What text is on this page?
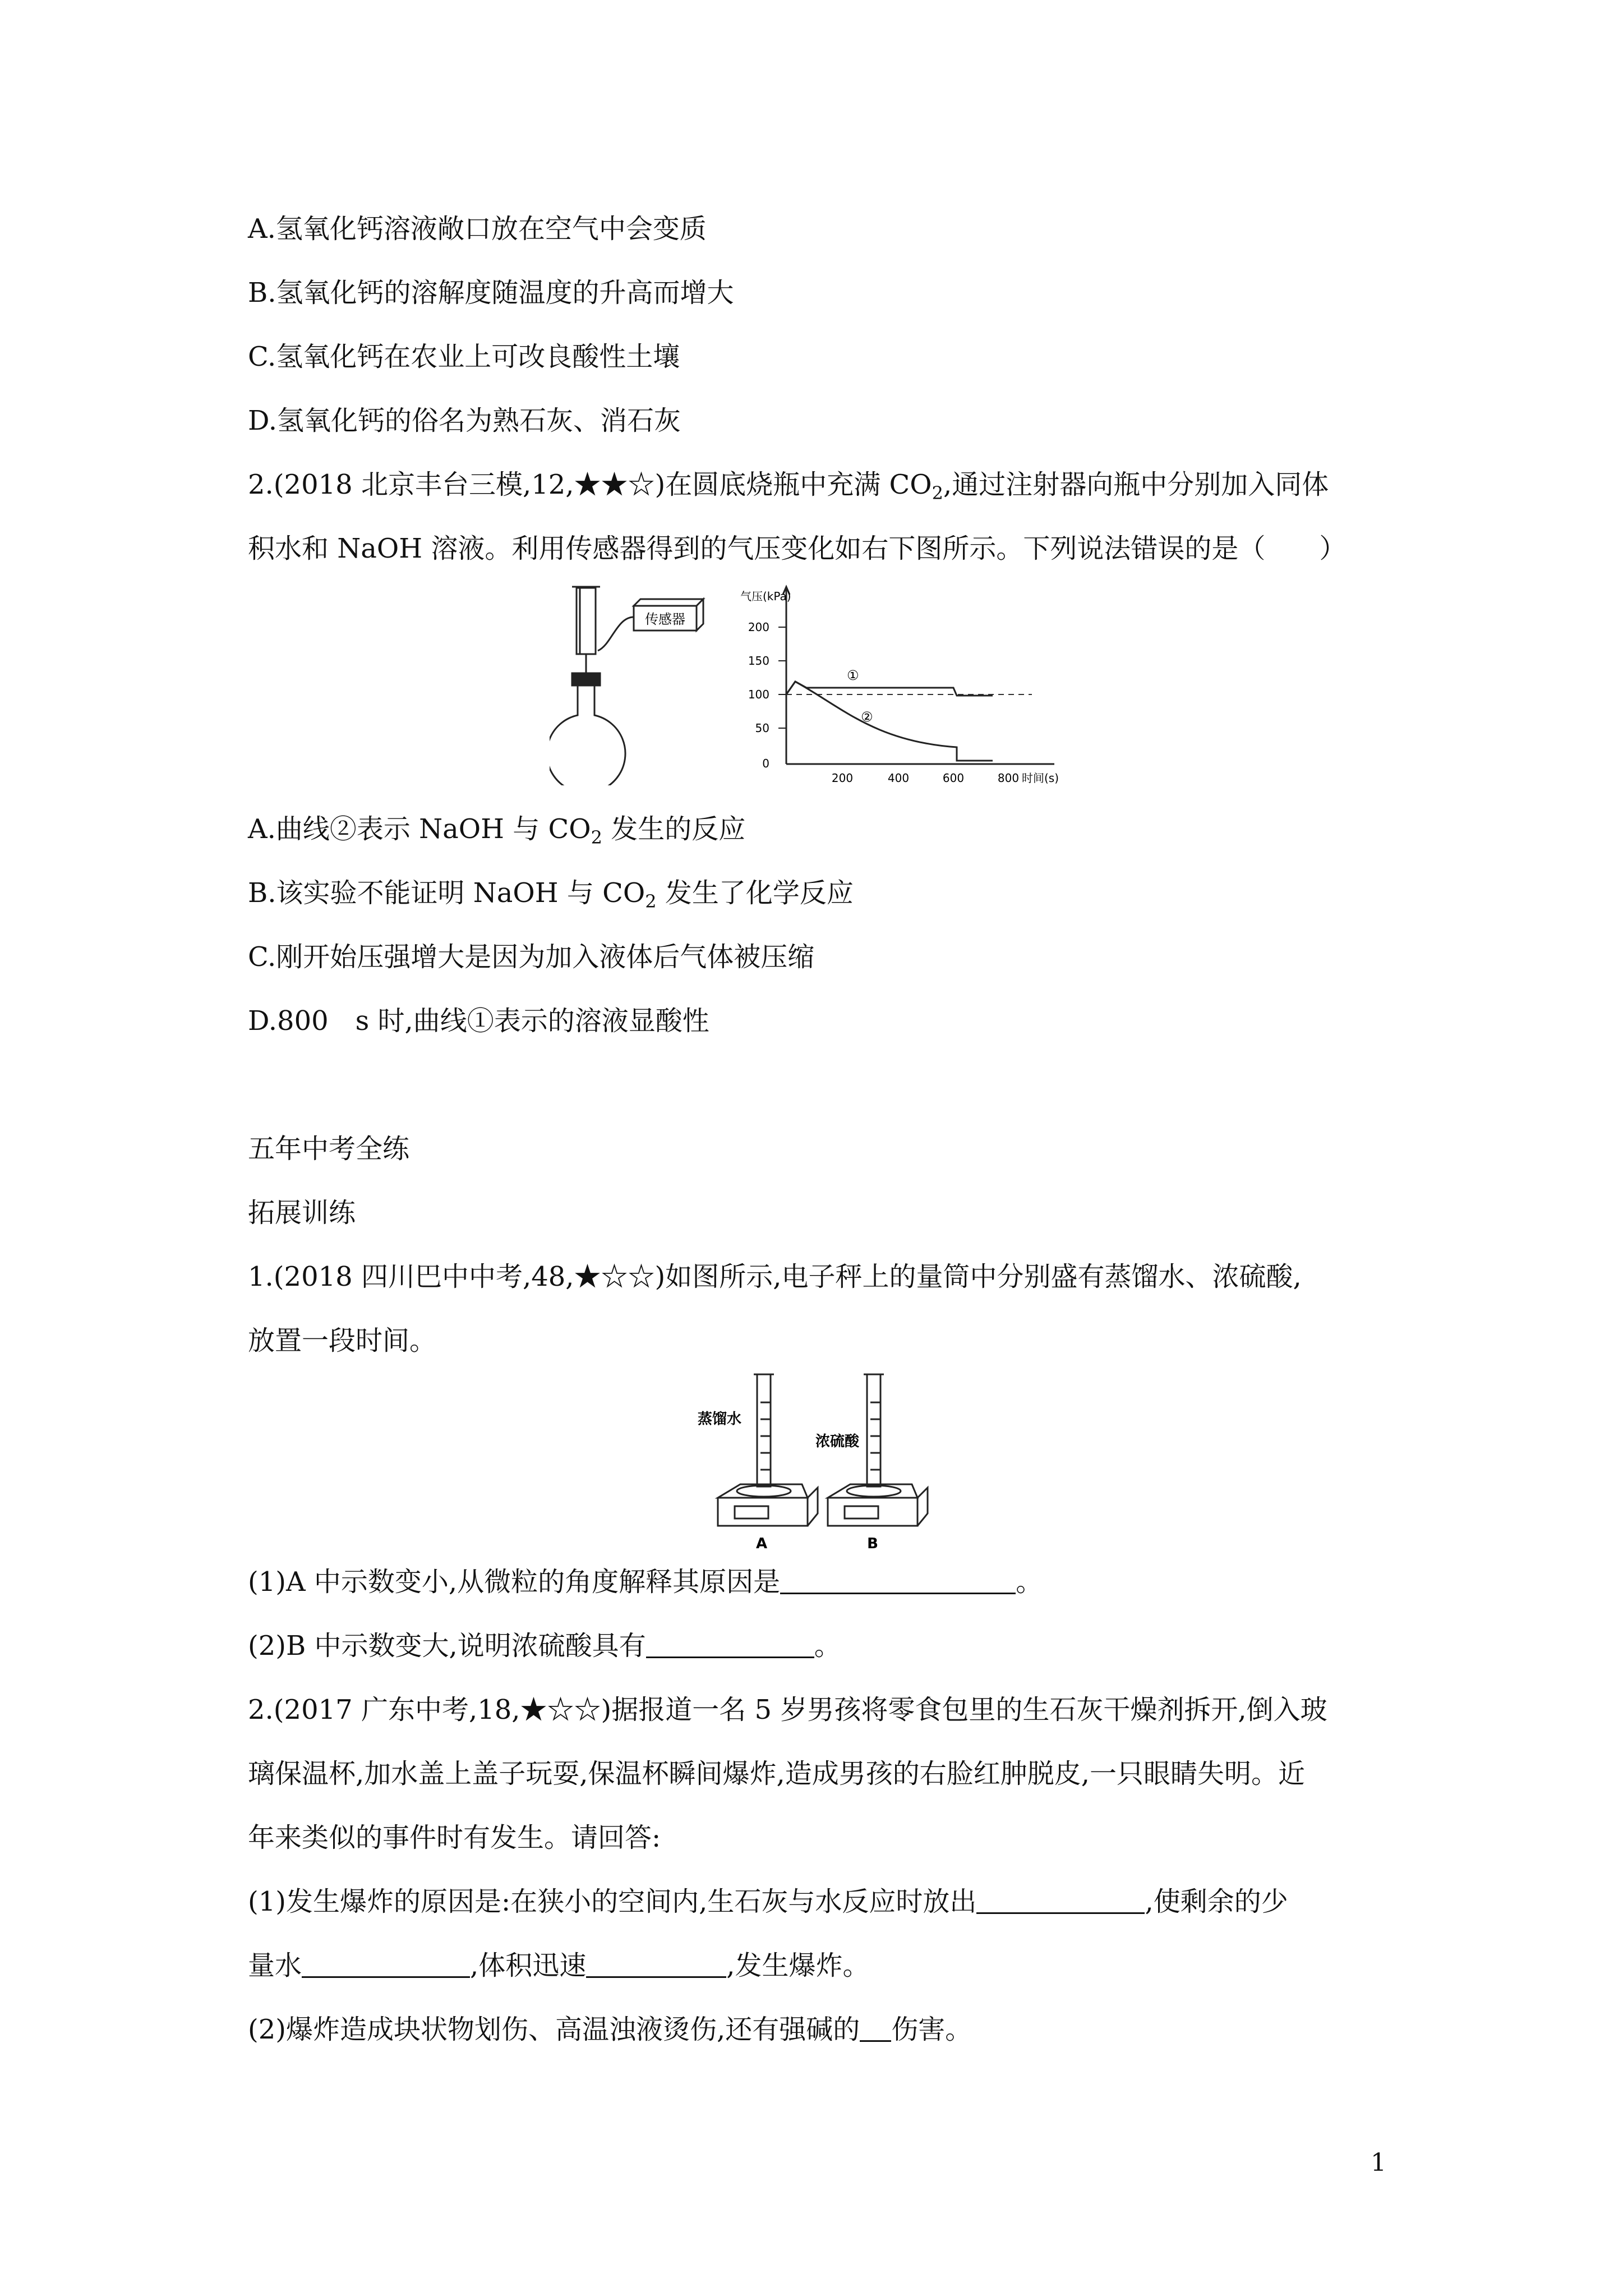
A.氢氧化钙溶液敞口放在空气中会变质
B.氢氧化钙的溶解度随温度的升高而增大
C.氢氧化钙在农业上可改良酸性土壤
D.氢氧化钙的俗名为熟石灰、消石灰
2.(2018 北京丰台三模,12,★★☆)在圆底烧瓶中充满 $CO_2$,通过注射器向瓶中分别加入同体
积水和 NaOH 溶液。利用传感器得到的气压变化如右下图所示。下列说法错误的是（　　）
传感器
气压(kPa)
200
150
100
50
0
①
②
200	400	600	800 时间(s)
A.曲线②表示 NaOH 与 $CO_2$ 发生的反应
B.该实验不能证明 NaOH 与 $CO_2$ 发生了化学反应
C.刚开始压强增大是因为加入液体后气体被压缩
D.800　s 时,曲线①表示的溶液显酸性
五年中考全练
拓展训练
1.(2018 四川巴中中考,48,★☆☆)如图所示,电子秤上的量筒中分别盛有蒸馏水、浓硫酸,
放置一段时间。
蒸馏水
浓硫酸
A	B
(1)A 中示数变小,从微粒的角度解释其原因是	。
(2)B 中示数变大,说明浓硫酸具有	。
2.(2017 广东中考,18,★☆☆)据报道一名 5 岁男孩将零食包里的生石灰干燥剂拆开,倒入玻
璃保温杯,加水盖上盖子玩耍,保温杯瞬间爆炸,造成男孩的右脸红肿脱皮,一只眼睛失明。近
年来类似的事件时有发生。请回答:
(1)发生爆炸的原因是:在狭小的空间内,生石灰与水反应时放出	,使剩余的少
量水	,体积迅速	,发生爆炸。
(2)爆炸造成块状物划伤、高温浊液烫伤,还有强碱的 伤害。
1
